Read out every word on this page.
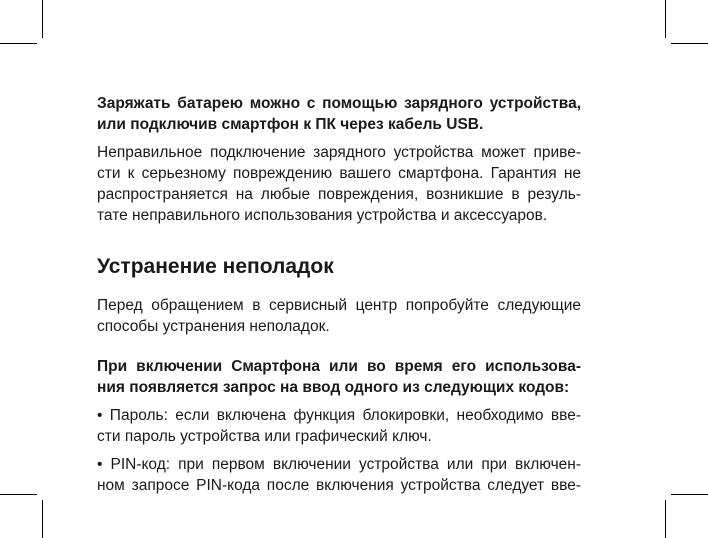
Заряжать батарею можно с помощью зарядного устройства,
или подключив смартфон к ПК через кабель USB.

Неправильное подключение зарядного устройства может приве-
сти к серьезному повреждению вашего смартфона. Гарантия не
распространяется на любые повреждения, возникшие в резуль-
тате неправильного использования устройства и аксессуаров.

Устранение неполадок

Перед обращением в сервисный центр попробуйте следующие
способы устранения неполадок.

При включении Смартфона или во время его использова-
ния появляется запрос на ввод одного из следующих кодов:

• Пароль: если включена функция блокировки, необходимо вве-
сти пароль устройства или графический ключ.

• PIN-код: при первом включении устройства или при включен-
ном запросе PIN-кода после включения устройства следует вве-
